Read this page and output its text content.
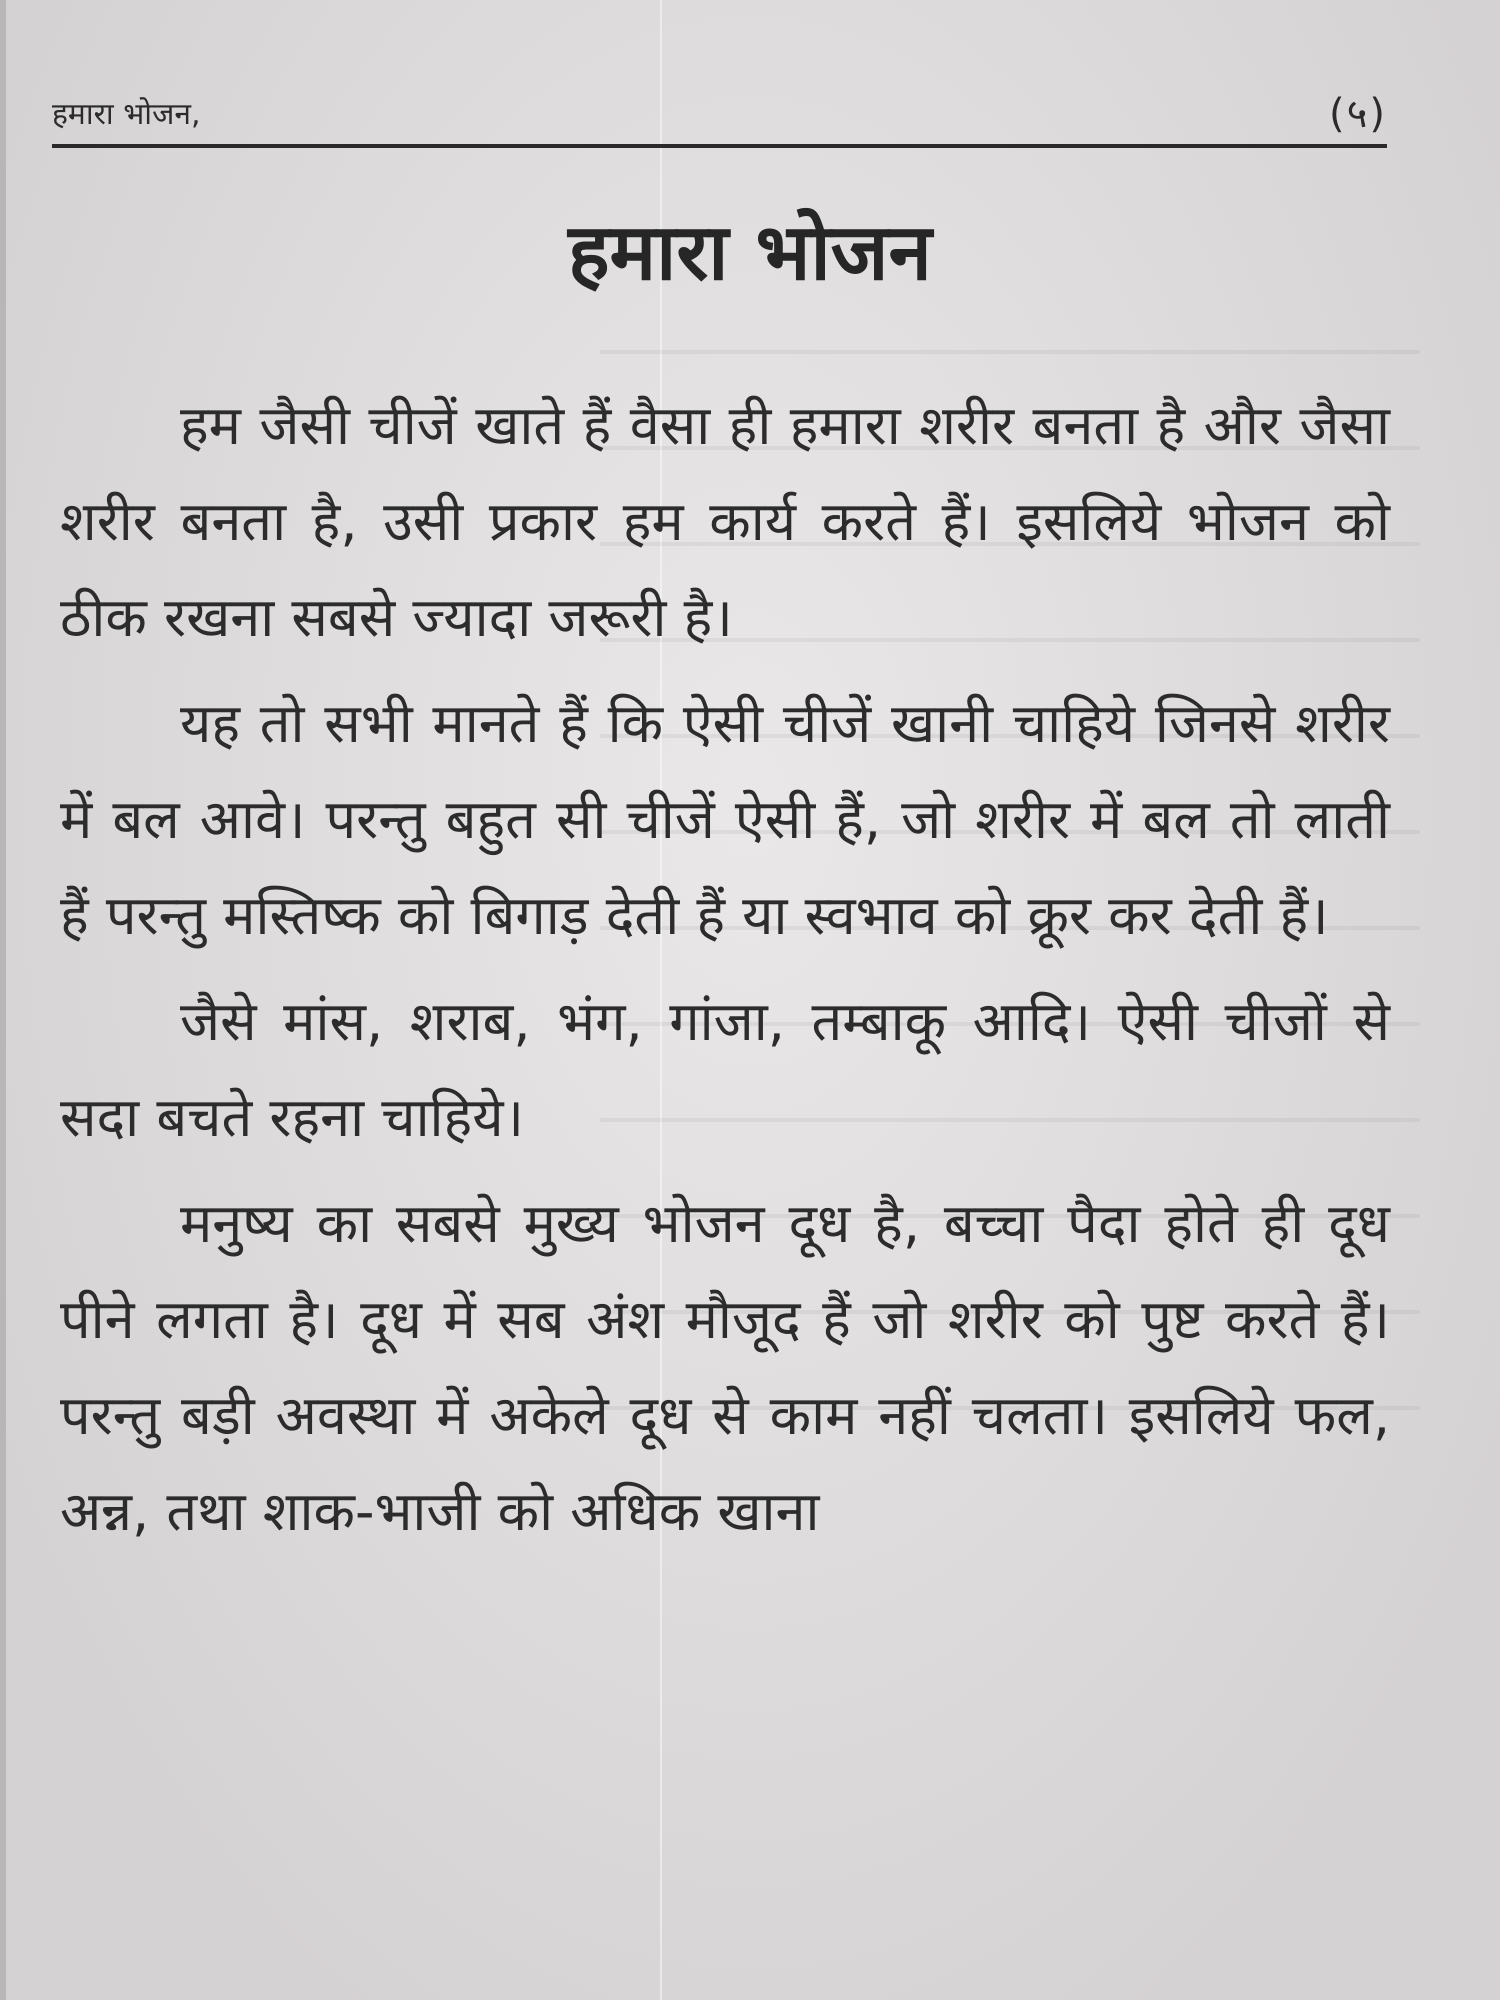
हमारा भोजन,	(५)
हमारा भोजन

हम जैसी चीजें खाते हैं वैसा ही हमारा शरीर बनता है और जैसा शरीर बनता है, उसी प्रकार हम कार्य करते हैं। इसलिये भोजन को ठीक रखना सबसे ज्यादा जरूरी है।

यह तो सभी मानते हैं कि ऐसी चीजें खानी चाहिये जिनसे शरीर में बल आवे। परन्तु बहुत सी चीजें ऐसी हैं, जो शरीर में बल तो लाती हैं परन्तु मस्तिष्क को बिगाड़ देती हैं या स्वभाव को क्रूर कर देती हैं।

जैसे मांस, शराब, भंग, गांजा, तम्बाकू आदि। ऐसी चीजों से सदा बचते रहना चाहिये।

मनुष्य का सबसे मुख्य भोजन दूध है, बच्चा पैदा होते ही दूध पीने लगता है। दूध में सब अंश मौजूद हैं जो शरीर को पुष्ट करते हैं। परन्तु बड़ी अवस्था में अकेले दूध से काम नहीं चलता। इसलिये फल, अन्न, तथा शाक-भाजी को अधिक खाना
